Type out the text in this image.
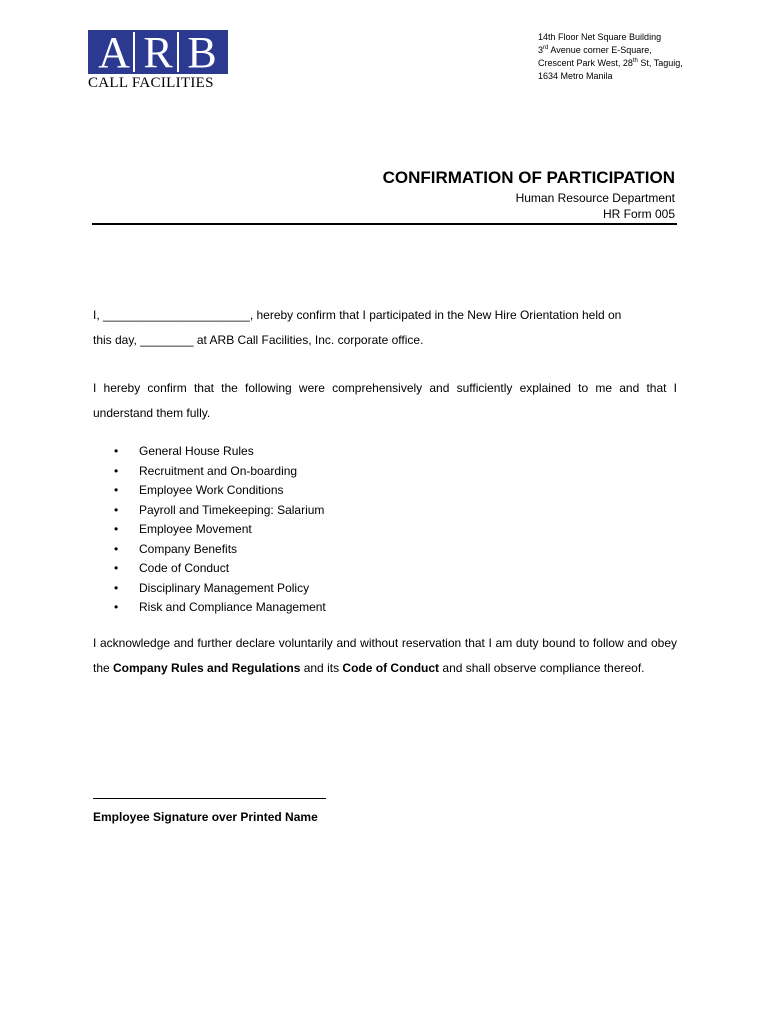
A R B
CALL FACILITIES
14th Floor Net Square Building
3rd Avenue corner E-Square,
Crescent Park West, 28th St, Taguig,
1634 Metro Manila
CONFIRMATION OF PARTICIPATION
Human Resource Department
HR Form 005

I, ______________________, hereby confirm that I participated in the New Hire Orientation held on
this day, ________ at ARB Call Facilities, Inc. corporate office.

I hereby confirm that the following were comprehensively and sufficiently explained to me and that I understand them fully.

• General House Rules
• Recruitment and On-boarding
• Employee Work Conditions
• Payroll and Timekeeping: Salarium
• Employee Movement
• Company Benefits
• Code of Conduct
• Disciplinary Management Policy
• Risk and Compliance Management

I acknowledge and further declare voluntarily and without reservation that I am duty bound to follow and obey the Company Rules and Regulations and its Code of Conduct and shall observe compliance thereof.

Employee Signature over Printed Name
